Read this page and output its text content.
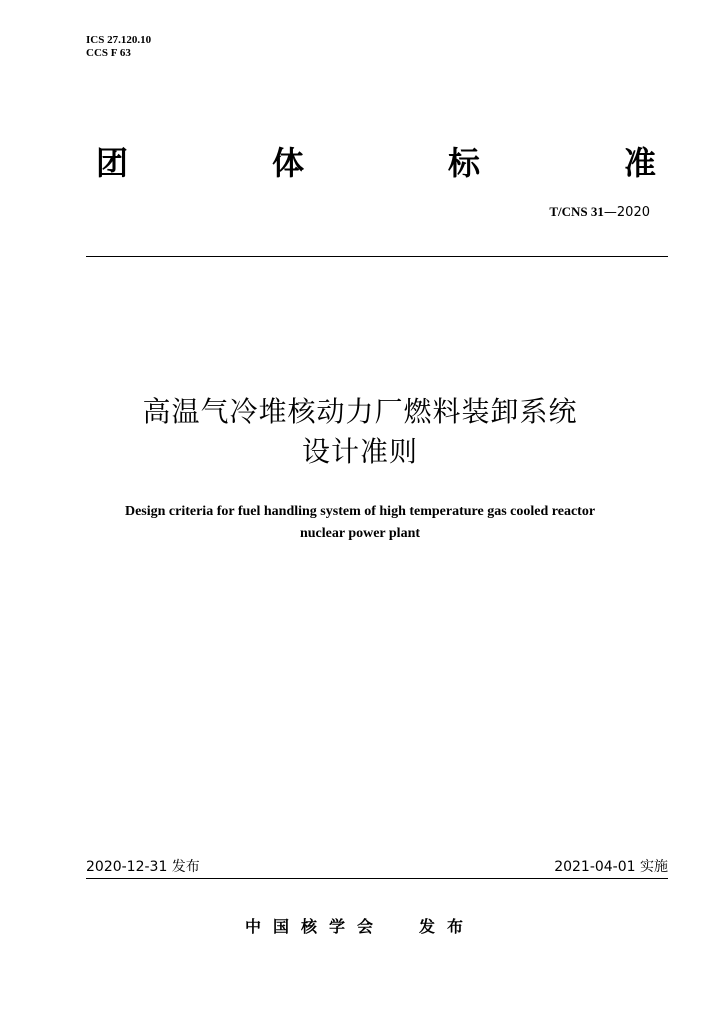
ICS 27.120.10
CCS F 63
团	体	标	准
T/CNS 31—2020
高温气冷堆核动力厂燃料装卸系统
设计准则
Design criteria for fuel handling system of high temperature gas cooled reactor
nuclear power plant
2020-12-31 发布	2021-04-01 实施
中国核学会 发布
